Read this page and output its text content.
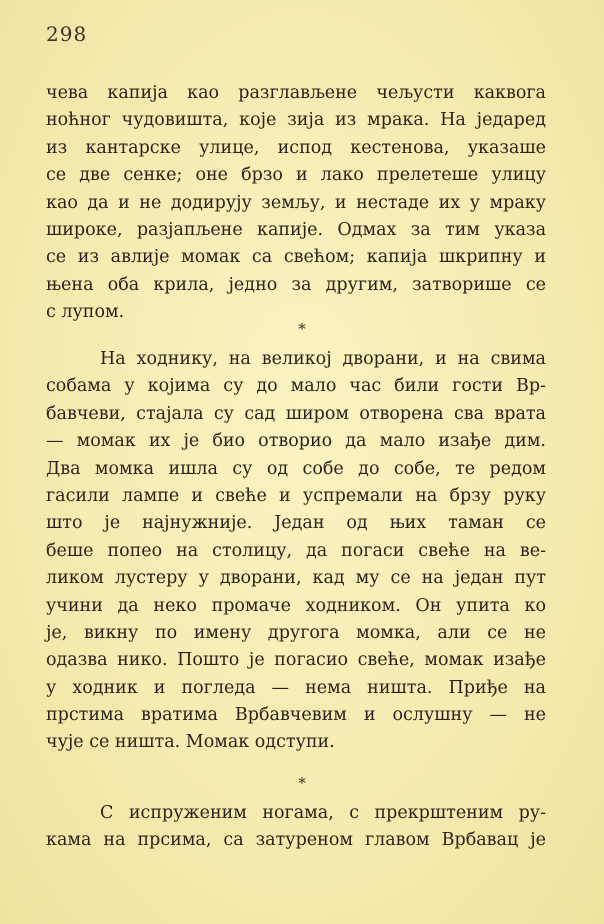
298
чева капија као разглављене чељусти каквога
ноћног чудовишта, које зија из мрака. На једаред
из кантарске улице, испод кестенова, указаше
се две сенке; оне брзо и лако прелетеше улицу
као да и не додирују земљу, и нестаде их у мраку
широке, разјапљене капије. Одмах за тим указа
се из авлије момак са свећом; капија шкрипну и
њена оба крила, једно за другим, затворише се
с лупом.
*
На ходнику, на великој дворани, и на свима
собама у којима су до мало час били гости Вр-
бавчеви, стајала су сад широм отворена сва врата
— момак их је био отворио да мало изађе дим.
Два момка ишла су од собе до собе, те редом
гасили лампе и свеће и успремали на брзу руку
што је најнужније. Један од њих таман се
беше попео на столицу, да погаси свеће на ве-
ликом лустеру у дворани, кад му се на један пут
учини да неко промаче ходником. Он упита ко
је, викну по имену другога момка, али се не
одазва нико. Пошто је погасио свеће, момак изађе
у ходник и погледа — нема ништа. Приђе на
прстима вратима Врбавчевим и ослушну — не
чује се ништа. Момак одступи.
*
С испруженим ногама, с прекрштеним ру-
кама на прсима, са затуреном главом Врбавац је
